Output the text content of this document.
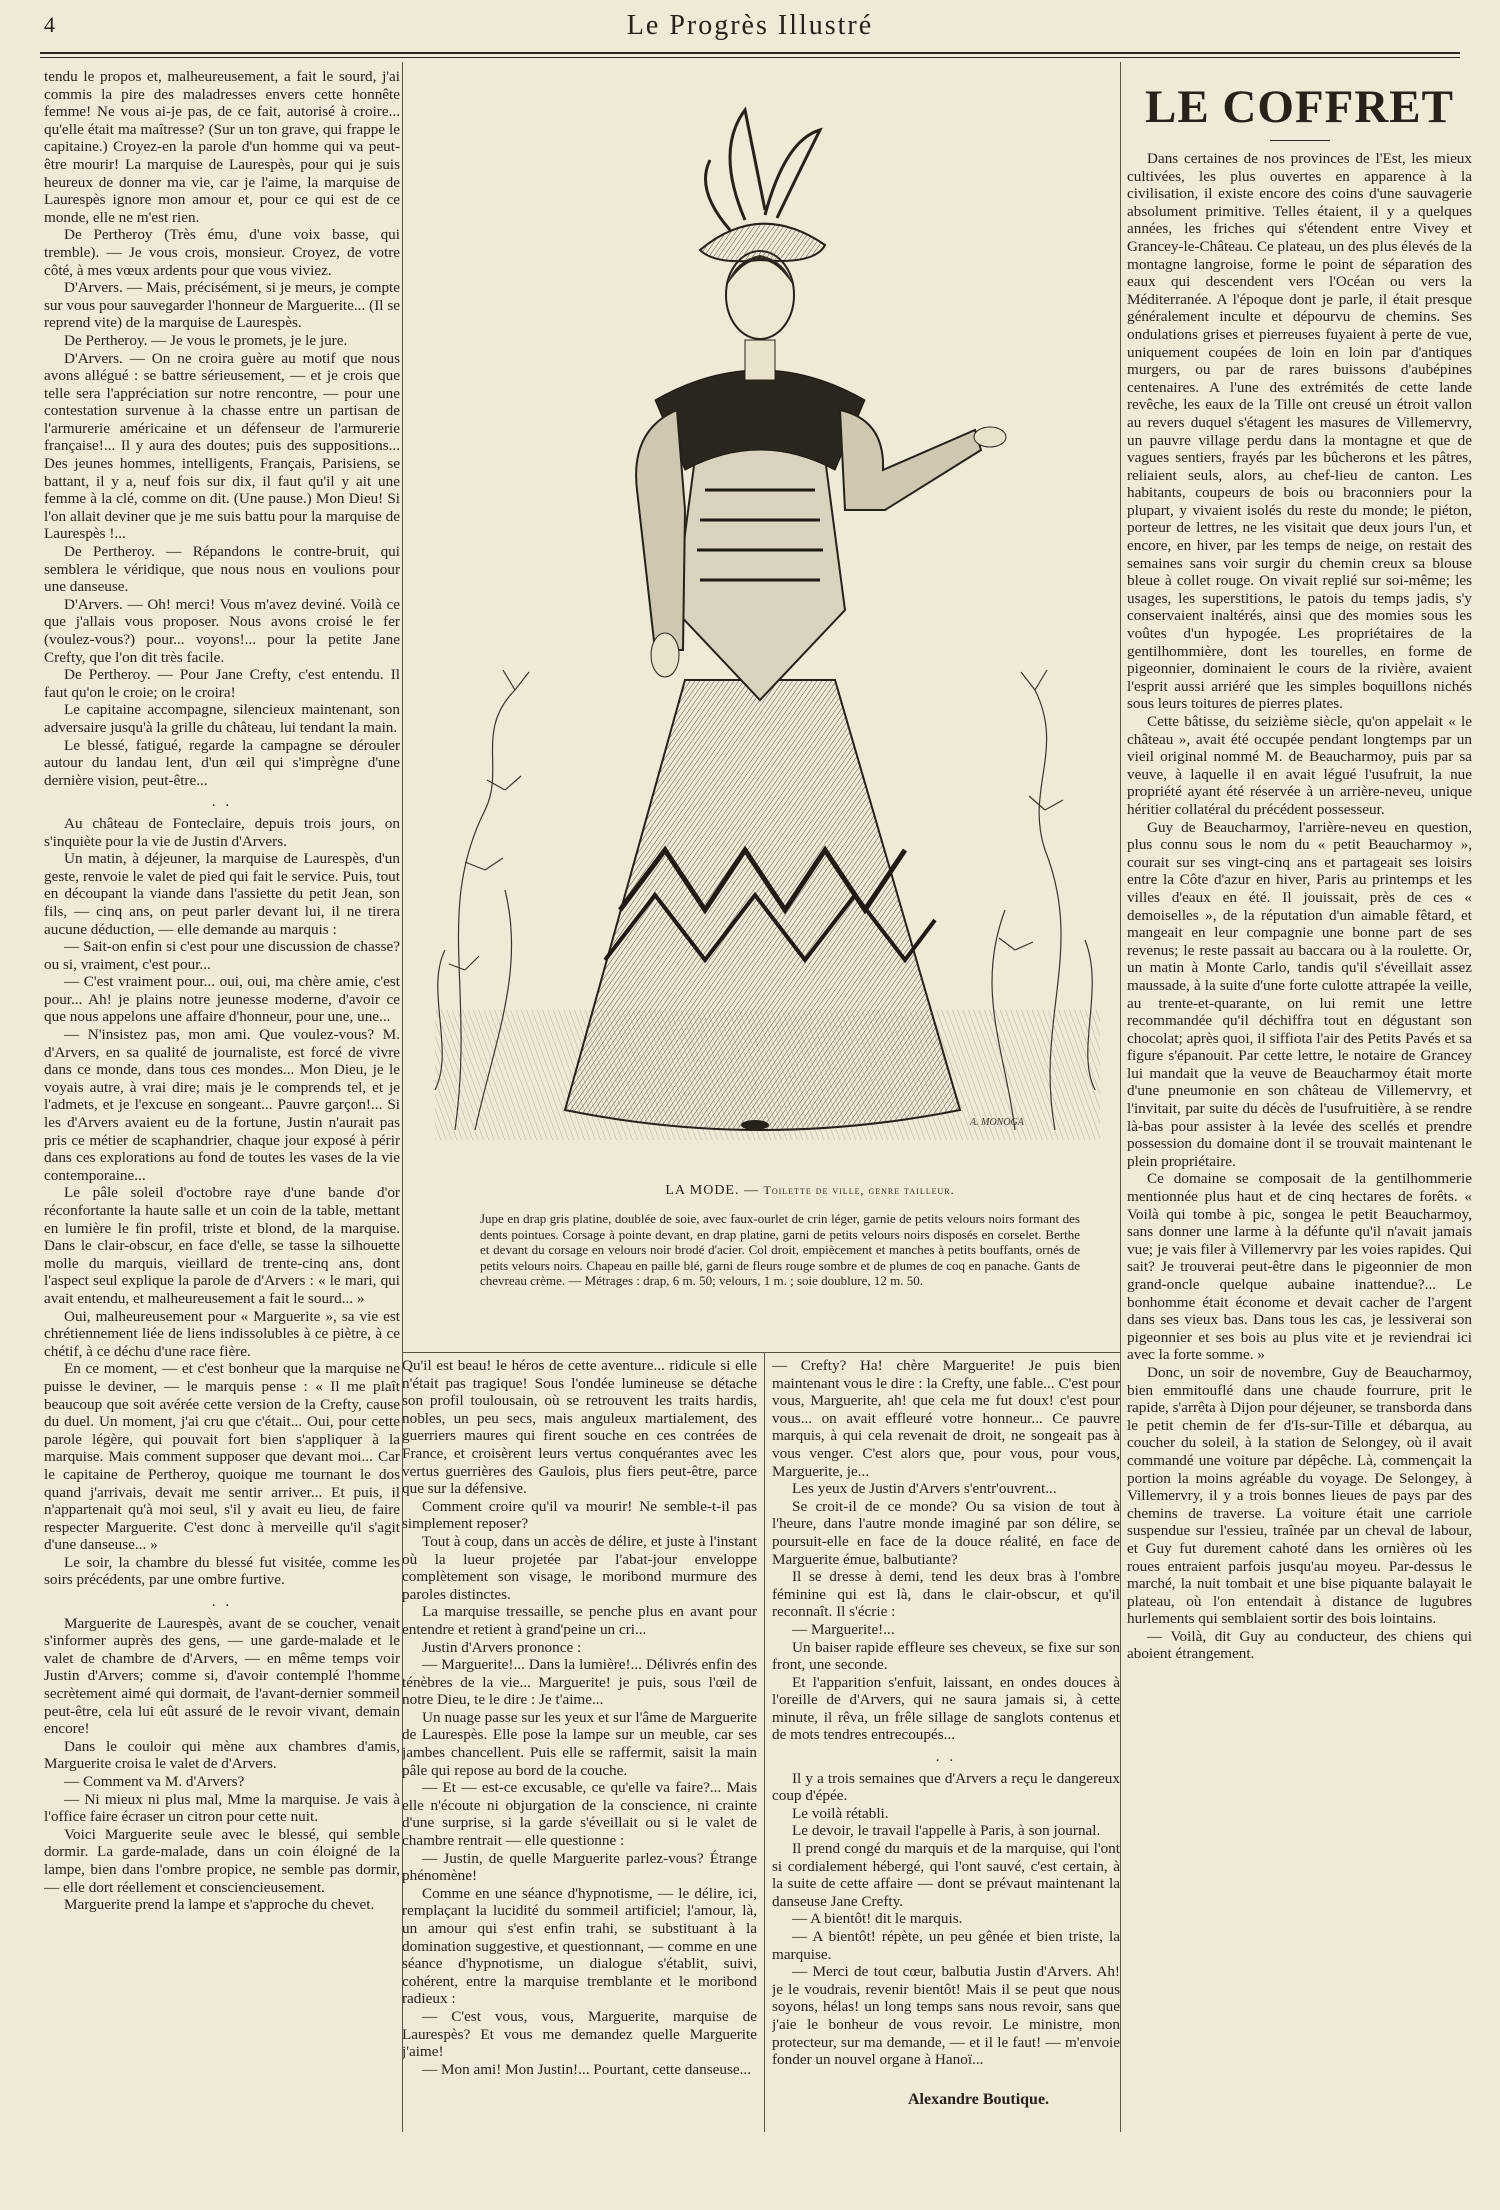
4	Le Progrès Illustré

tendu le propos et, malheureusement, a fait le sourd, j'ai commis la pire des maladresses envers cette honnête femme! Ne vous ai-je pas, de ce fait, autorisé à croire... qu'elle était ma maîtresse? (Sur un ton grave, qui frappe le capitaine.) Croyez-en la parole d'un homme qui va peut-être mourir! La marquise de Laurespès, pour qui je suis heureux de donner ma vie, car je l'aime, la marquise de Laurespès ignore mon amour et, pour ce qui est de ce monde, elle ne m'est rien.

De Pertheroy (Très ému, d'une voix basse, qui tremble). — Je vous crois, monsieur. Croyez, de votre côté, à mes vœux ardents pour que vous viviez.

D'Arvers. — Mais, précisément, si je meurs, je compte sur vous pour sauvegarder l'honneur de Marguerite... (Il se reprend vite) de la marquise de Laurespès.

De Pertheroy. — Je vous le promets, je le jure.

D'Arvers. — On ne croira guère au motif que nous avons allégué : se battre sérieusement, — et je crois que telle sera l'appréciation sur notre rencontre, — pour une contestation survenue à la chasse entre un partisan de l'armurerie américaine et un défenseur de l'armurerie française!... Il y aura des doutes; puis des suppositions... Des jeunes hommes, intelligents, Français, Parisiens, se battant, il y a, neuf fois sur dix, il faut qu'il y ait une femme à la clé, comme on dit. (Une pause.) Mon Dieu! Si l'on allait deviner que je me suis battu pour la marquise de Laurespès !...

De Pertheroy. — Répandons le contre-bruit, qui semblera le véridique, que nous nous en voulions pour une danseuse.

D'Arvers. — Oh! merci! Vous m'avez deviné. Voilà ce que j'allais vous proposer. Nous avons croisé le fer (voulez-vous?) pour... voyons!... pour la petite Jane Crefty, que l'on dit très facile.

De Pertheroy. — Pour Jane Crefty, c'est entendu. Il faut qu'on le croie; on le croira!

Le capitaine accompagne, silencieux maintenant, son adversaire jusqu'à la grille du château, lui tendant la main.

Le blessé, fatigué, regarde la campagne se dérouler autour du landau lent, d'un œil qui s'imprègne d'une dernière vision, peut-être...

. .

Au château de Fonteclaire, depuis trois jours, on s'inquiète pour la vie de Justin d'Arvers.

Un matin, à déjeuner, la marquise de Laurespès, d'un geste, renvoie le valet de pied qui fait le service. Puis, tout en découpant la viande dans l'assiette du petit Jean, son fils, — cinq ans, on peut parler devant lui, il ne tirera aucune déduction, — elle demande au marquis :

— Sait-on enfin si c'est pour une discussion de chasse? ou si, vraiment, c'est pour...

— C'est vraiment pour... oui, oui, ma chère amie, c'est pour... Ah! je plains notre jeunesse moderne, d'avoir ce que nous appelons une affaire d'honneur, pour une, une...

— N'insistez pas, mon ami. Que voulez-vous? M. d'Arvers, en sa qualité de journaliste, est forcé de vivre dans ce monde, dans tous ces mondes... Mon Dieu, je le voyais autre, à vrai dire; mais je le comprends tel, et je l'admets, et je l'excuse en songeant... Pauvre garçon!... Si les d'Arvers avaient eu de la fortune, Justin n'aurait pas pris ce métier de scaphandrier, chaque jour exposé à périr dans ces explorations au fond de toutes les vases de la vie contemporaine...

Le pâle soleil d'octobre raye d'une bande d'or réconfortante la haute salle et un coin de la table, mettant en lumière le fin profil, triste et blond, de la marquise. Dans le clair-obscur, en face d'elle, se tasse la silhouette molle du marquis, vieillard de trente-cinq ans, dont l'aspect seul explique la parole de d'Arvers : « le mari, qui avait entendu, et malheureusement a fait le sourd... »

Oui, malheureusement pour « Marguerite », sa vie est chrétiennement liée de liens indissolubles à ce piètre, à ce chétif, à ce déchu d'une race fière.

En ce moment, — et c'est bonheur que la marquise ne puisse le deviner, — le marquis pense : « Il me plaît beaucoup que soit avérée cette version de la Crefty, cause du duel. Un moment, j'ai cru que c'était... Oui, pour cette parole légère, qui pouvait fort bien s'appliquer à la marquise. Mais comment supposer que devant moi... Car le capitaine de Pertheroy, quoique me tournant le dos quand j'arrivais, devait me sentir arriver... Et puis, il n'appartenait qu'à moi seul, s'il y avait eu lieu, de faire respecter Marguerite. C'est donc à merveille qu'il s'agit d'une danseuse... »

Le soir, la chambre du blessé fut visitée, comme les soirs précédents, par une ombre furtive.

. .

Marguerite de Laurespès, avant de se coucher, venait s'informer auprès des gens, — une garde-malade et le valet de chambre de d'Arvers, — en même temps voir Justin d'Arvers; comme si, d'avoir contemplé l'homme secrètement aimé qui dormait, de l'avant-dernier sommeil peut-être, cela lui eût assuré de le revoir vivant, demain encore!

Dans le couloir qui mène aux chambres d'amis, Marguerite croisa le valet de d'Arvers.

— Comment va M. d'Arvers?

— Ni mieux ni plus mal, Mme la marquise. Je vais à l'office faire écraser un citron pour cette nuit.

Voici Marguerite seule avec le blessé, qui semble dormir. La garde-malade, dans un coin éloigné de la lampe, bien dans l'ombre propice, ne semble pas dormir, — elle dort réellement et consciencieusement.

Marguerite prend la lampe et s'approche du chevet.

A. MONOGA
LA MODE. — Toilette de ville, genre tailleur.
Jupe en drap gris platine, doublée de soie, avec faux-ourlet de crin léger, garnie de petits velours noirs formant des dents pointues. Corsage à pointe devant, en drap platine, garni de petits velours noirs disposés en corselet. Berthe et devant du corsage en velours noir brodé d'acier. Col droit, empiècement et manches à petits bouffants, ornés de petits velours noirs. Chapeau en paille blé, garni de fleurs rouge sombre et de plumes de coq en panache. Gants de chevreau crème. — Métrages : drap, 6 m. 50; velours, 1 m. ; soie doublure, 12 m. 50.

Qu'il est beau! le héros de cette aventure... ridicule si elle n'était pas tragique! Sous l'ondée lumineuse se détache son profil toulousain, où se retrouvent les traits hardis, nobles, un peu secs, mais anguleux martialement, des guerriers maures qui firent souche en ces contrées de France, et croisèrent leurs vertus conquérantes avec les vertus guerrières des Gaulois, plus fiers peut-être, parce que sur la défensive.

Comment croire qu'il va mourir! Ne semble-t-il pas simplement reposer?

Tout à coup, dans un accès de délire, et juste à l'instant où la lueur projetée par l'abat-jour enveloppe complètement son visage, le moribond murmure des paroles distinctes.

La marquise tressaille, se penche plus en avant pour entendre et retient à grand'peine un cri...

Justin d'Arvers prononce :

— Marguerite!... Dans la lumière!... Délivrés enfin des ténèbres de la vie... Marguerite! je puis, sous l'œil de notre Dieu, te le dire : Je t'aime...

Un nuage passe sur les yeux et sur l'âme de Marguerite de Laurespès. Elle pose la lampe sur un meuble, car ses jambes chancellent. Puis elle se raffermit, saisit la main pâle qui repose au bord de la couche.

— Et — est-ce excusable, ce qu'elle va faire?... Mais elle n'écoute ni objurgation de la conscience, ni crainte d'une surprise, si la garde s'éveillait ou si le valet de chambre rentrait — elle questionne :

— Justin, de quelle Marguerite parlez-vous? Étrange phénomène!

Comme en une séance d'hypnotisme, — le délire, ici, remplaçant la lucidité du sommeil artificiel; l'amour, là, un amour qui s'est enfin trahi, se substituant à la domination suggestive, et questionnant, — comme en une séance d'hypnotisme, un dialogue s'établit, suivi, cohérent, entre la marquise tremblante et le moribond radieux :

— C'est vous, vous, Marguerite, marquise de Laurespès? Et vous me demandez quelle Marguerite j'aime!

— Mon ami! Mon Justin!... Pourtant, cette danseuse...

— Crefty? Ha! chère Marguerite! Je puis bien maintenant vous le dire : la Crefty, une fable... C'est pour vous, Marguerite, ah! que cela me fut doux! c'est pour vous... on avait effleuré votre honneur... Ce pauvre marquis, à qui cela revenait de droit, ne songeait pas à vous venger. C'est alors que, pour vous, pour vous, Marguerite, je...

Les yeux de Justin d'Arvers s'entr'ouvrent...

Se croit-il de ce monde? Ou sa vision de tout à l'heure, dans l'autre monde imaginé par son délire, se poursuit-elle en face de la douce réalité, en face de Marguerite émue, balbutiante?

Il se dresse à demi, tend les deux bras à l'ombre féminine qui est là, dans le clair-obscur, et qu'il reconnaît. Il s'écrie :

— Marguerite!...

Un baiser rapide effleure ses cheveux, se fixe sur son front, une seconde.

Et l'apparition s'enfuit, laissant, en ondes douces à l'oreille de d'Arvers, qui ne saura jamais si, à cette minute, il rêva, un frêle sillage de sanglots contenus et de mots tendres entrecoupés...

. .

Il y a trois semaines que d'Arvers a reçu le dangereux coup d'épée.

Le voilà rétabli.

Le devoir, le travail l'appelle à Paris, à son journal.

Il prend congé du marquis et de la marquise, qui l'ont si cordialement hébergé, qui l'ont sauvé, c'est certain, à la suite de cette affaire — dont se prévaut maintenant la danseuse Jane Crefty.

— A bientôt! dit le marquis.

— A bientôt! répète, un peu gênée et bien triste, la marquise.

— Merci de tout cœur, balbutia Justin d'Arvers. Ah! je le voudrais, revenir bientôt! Mais il se peut que nous soyons, hélas! un long temps sans nous revoir, sans que j'aie le bonheur de vous revoir. Le ministre, mon protecteur, sur ma demande, — et il le faut! — m'envoie fonder un nouvel organe à Hanoï...

Alexandre Boutique.
LE COFFRET

Dans certaines de nos provinces de l'Est, les mieux cultivées, les plus ouvertes en apparence à la civilisation, il existe encore des coins d'une sauvagerie absolument primitive. Telles étaient, il y a quelques années, les friches qui s'étendent entre Vivey et Grancey-le-Château. Ce plateau, un des plus élevés de la montagne langroise, forme le point de séparation des eaux qui descendent vers l'Océan ou vers la Méditerranée. A l'époque dont je parle, il était presque généralement inculte et dépourvu de chemins. Ses ondulations grises et pierreuses fuyaient à perte de vue, uniquement coupées de loin en loin par d'antiques murgers, ou par de rares buissons d'aubépines centenaires. A l'une des extrémités de cette lande revêche, les eaux de la Tille ont creusé un étroit vallon au revers duquel s'étagent les masures de Villemervry, un pauvre village perdu dans la montagne et que de vagues sentiers, frayés par les bûcherons et les pâtres, reliaient seuls, alors, au chef-lieu de canton. Les habitants, coupeurs de bois ou braconniers pour la plupart, y vivaient isolés du reste du monde; le piéton, porteur de lettres, ne les visitait que deux jours l'un, et encore, en hiver, par les temps de neige, on restait des semaines sans voir surgir du chemin creux sa blouse bleue à collet rouge. On vivait replié sur soi-même; les usages, les superstitions, le patois du temps jadis, s'y conservaient inaltérés, ainsi que des momies sous les voûtes d'un hypogée. Les propriétaires de la gentilhommière, dont les tourelles, en forme de pigeonnier, dominaient le cours de la rivière, avaient l'esprit aussi arriéré que les simples boquillons nichés sous leurs toitures de pierres plates.

Cette bâtisse, du seizième siècle, qu'on appelait « le château », avait été occupée pendant longtemps par un vieil original nommé M. de Beaucharmoy, puis par sa veuve, à laquelle il en avait légué l'usufruit, la nue propriété ayant été réservée à un arrière-neveu, unique héritier collatéral du précédent possesseur.

Guy de Beaucharmoy, l'arrière-neveu en question, plus connu sous le nom du « petit Beaucharmoy », courait sur ses vingt-cinq ans et partageait ses loisirs entre la Côte d'azur en hiver, Paris au printemps et les villes d'eaux en été. Il jouissait, près de ces « demoiselles », de la réputation d'un aimable fêtard, et mangeait en leur compagnie une bonne part de ses revenus; le reste passait au baccara ou à la roulette. Or, un matin à Monte Carlo, tandis qu'il s'éveillait assez maussade, à la suite d'une forte culotte attrapée la veille, au trente-et-quarante, on lui remit une lettre recommandée qu'il déchiffra tout en dégustant son chocolat; après quoi, il siffiota l'air des Petits Pavés et sa figure s'épanouit. Par cette lettre, le notaire de Grancey lui mandait que la veuve de Beaucharmoy était morte d'une pneumonie en son château de Villemervry, et l'invitait, par suite du décès de l'usufruitière, à se rendre là-bas pour assister à la levée des scellés et prendre possession du domaine dont il se trouvait maintenant le plein propriétaire.

Ce domaine se composait de la gentilhommerie mentionnée plus haut et de cinq hectares de forêts. « Voilà qui tombe à pic, songea le petit Beaucharmoy, sans donner une larme à la défunte qu'il n'avait jamais vue; je vais filer à Villemervry par les voies rapides. Qui sait? Je trouverai peut-être dans le pigeonnier de mon grand-oncle quelque aubaine inattendue?... Le bonhomme était économe et devait cacher de l'argent dans ses vieux bas. Dans tous les cas, je lessiverai son pigeonnier et ses bois au plus vite et je reviendrai ici avec la forte somme. »

Donc, un soir de novembre, Guy de Beaucharmoy, bien emmitouflé dans une chaude fourrure, prit le rapide, s'arrêta à Dijon pour déjeuner, se transborda dans le petit chemin de fer d'Is-sur-Tille et débarqua, au coucher du soleil, à la station de Selongey, où il avait commandé une voiture par dépêche. Là, commençait la portion la moins agréable du voyage. De Selongey, à Villemervry, il y a trois bonnes lieues de pays par des chemins de traverse. La voiture était une carriole suspendue sur l'essieu, traînée par un cheval de labour, et Guy fut durement cahoté dans les ornières où les roues entraient parfois jusqu'au moyeu. Par-dessus le marché, la nuit tombait et une bise piquante balayait le plateau, où l'on entendait à distance de lugubres hurlements qui semblaient sortir des bois lointains.

— Voilà, dit Guy au conducteur, des chiens qui aboient étrangement.
